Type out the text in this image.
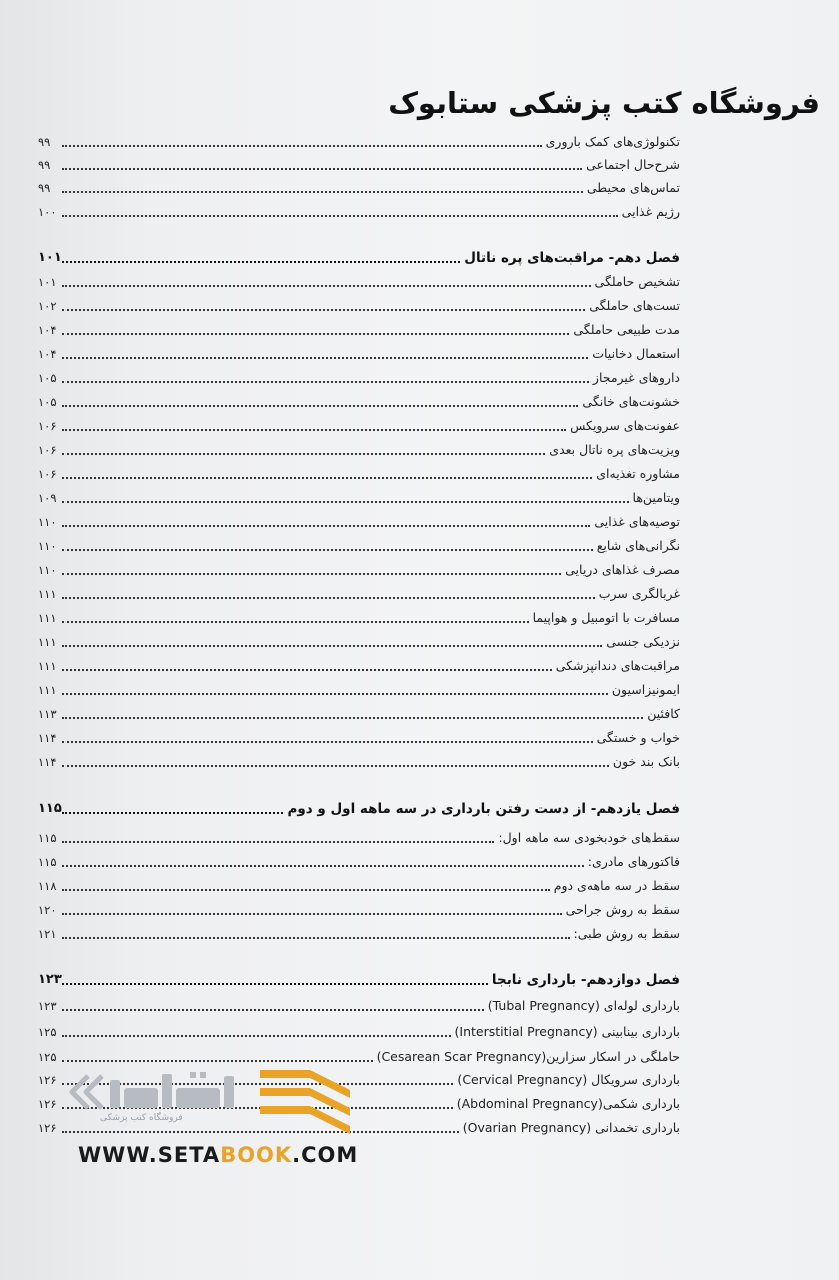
فروشگاه کتب پزشکی ستابوک
تکنولوژی‌های کمک باروری
۹۹
شرح‌حال اجتماعی
۹۹
تماس‌های محیطی
۹۹
رژیم غذایی
۱۰۰
فصل دهم- مراقبت‌های پره ناتال
۱۰۱
تشخیص حاملگی
۱۰۱
تست‌های حاملگی
۱۰۲
مدت طبیعی حاملگی
۱۰۴
استعمال دخانیات
۱۰۴
داروهای غیرمجاز
۱۰۵
خشونت‌های خانگی
۱۰۵
عفونت‌های سرویکس
۱۰۶
ویزیت‌های پره ناتال بعدی
۱۰۶
مشاوره تغذیه‌ای
۱۰۶
ویتامین‌ها
۱۰۹
توصیه‌های غذایی
۱۱۰
نگرانی‌های شایع
۱۱۰
مصرف غذاهای دریایی
۱۱۰
غربالگری سرب
۱۱۱
مسافرت با اتومبیل و هواپیما
۱۱۱
نزدیکی جنسی
۱۱۱
مراقبت‌های دندانپزشکی
۱۱۱
ایمونیزاسیون
۱۱۱
کافئین
۱۱۳
خواب و خستگی
۱۱۴
بانک بند خون
۱۱۴
فصل یازدهم- از دست رفتن بارداری در سه ماهه اول و دوم
۱۱۵
سقط‌های خودبخودی سه ماهه اول:
۱۱۵
فاکتورهای مادری:
۱۱۵
سقط در سه ماهه‌ی دوم
۱۱۸
سقط به روش جراحی
۱۲۰
سقط به روش طبی:
۱۲۱
فصل دوازدهم- بارداری نابجا
۱۲۳
بارداری لوله‌ای (Tubal Pregnancy)
۱۲۳
بارداری بینابینی (Interstitial Pregnancy)
۱۲۵
حاملگی در اسکار سزارین(Cesarean Scar Pregnancy)
۱۲۵
بارداری سرویکال (Cervical Pregnancy)
۱۲۶
بارداری شکمی(Abdominal Pregnancy)
۱۲۶
بارداری تخمدانی (Ovarian Pregnancy)
۱۲۶
فروشگاه کتب پزشکی
WWW.SETABOOK.COM
